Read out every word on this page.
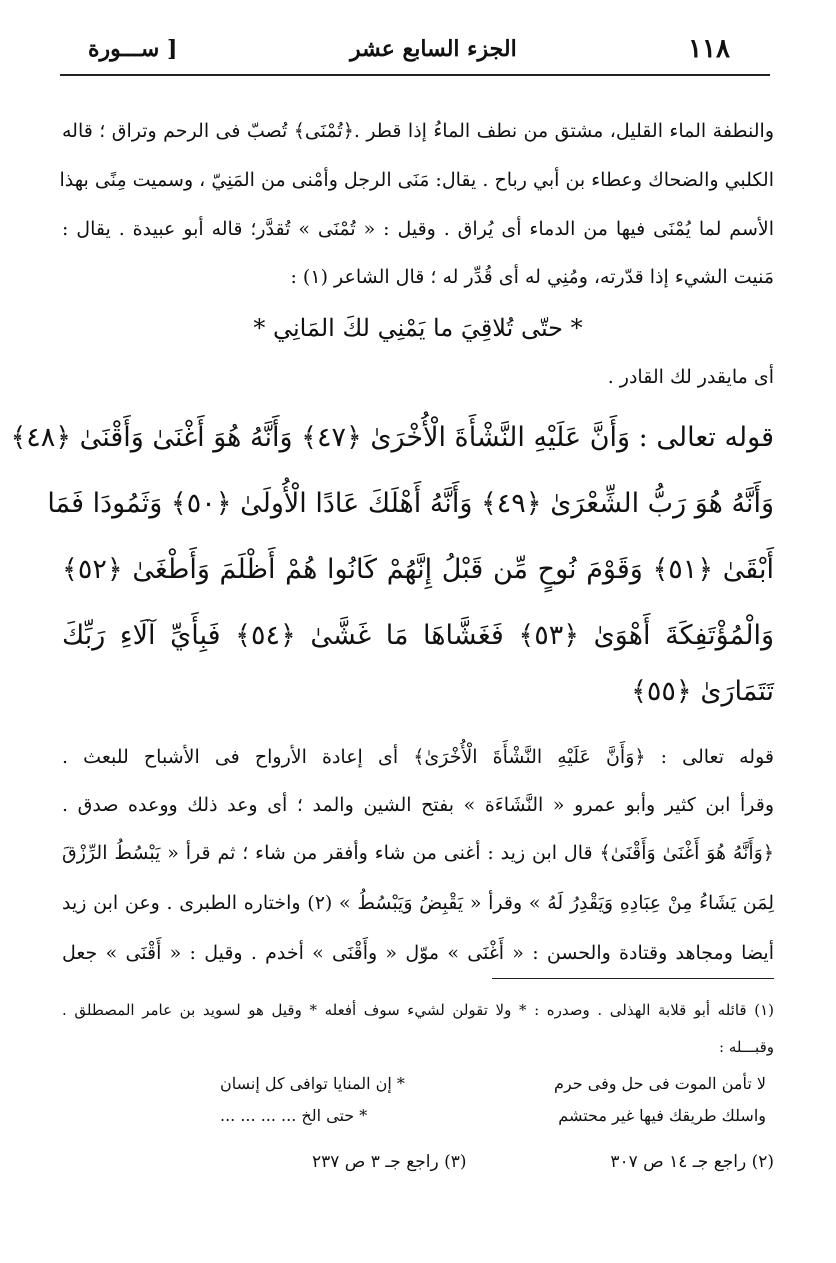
١١٨
الجزء السابع عشر
[ ســـورة
والنطفة الماء القليل، مشتق من نطف الماءُ إذا قطر .﴿تُمْنَى﴾ تُصبّ فى الرحم وتراق ؛ قاله
الكلبي والضحاك وعطاء بن أبي رباح . يقال: مَنَى الرجل وأمْنى من المَنِيّ ، وسميت مِنًى بهذا
الأسم لما يُمْنَى فيها من الدماء أى يُراق . وقيل : « تُمْنَى » تُقدَّر؛ قاله أبو عبيدة . يقال :
مَنيت الشيء إذا قدّرته، ومُنِي له أى قُدِّر له ؛ قال الشاعر (١) :
* حتّى تُلاقِيَ ما يَمْنِي لكَ المَانِي *
أى مايقدر لك القادر .
قوله تعالى : وَأَنَّ عَلَيْهِ النَّشْأَةَ الْأُخْرَىٰ ﴿٤٧﴾ وَأَنَّهُ هُوَ أَغْنَىٰ وَأَقْنَىٰ ﴿٤٨﴾
وَأَنَّهُ هُوَ رَبُّ الشِّعْرَىٰ ﴿٤٩﴾ وَأَنَّهُ أَهْلَكَ عَادًا الْأُولَىٰ ﴿٥٠﴾ وَثَمُودَا فَمَا
أَبْقَىٰ ﴿٥١﴾ وَقَوْمَ نُوحٍ مِّن قَبْلُ إِنَّهُمْ كَانُوا هُمْ أَظْلَمَ وَأَطْغَىٰ ﴿٥٢﴾
وَالْمُؤْتَفِكَةَ أَهْوَىٰ ﴿٥٣﴾ فَغَشَّاهَا مَا غَشَّىٰ ﴿٥٤﴾ فَبِأَيِّ آلَاءِ رَبِّكَ
تَتَمَارَىٰ ﴿٥٥﴾
قوله تعالى : ﴿وَأَنَّ عَلَيْهِ النَّشْأَةَ الْأُخْرَىٰ﴾ أى إعادة الأرواح فى الأشباح للبعث .
وقرأ ابن كثير وأبو عمرو « النَّشَاءَة » بفتح الشين والمد ؛ أى وعد ذلك ووعده صدق .
﴿وَأَنَّهُ هُوَ أَغْنَىٰ وَأَقْنَىٰ﴾ قال ابن زيد : أغنى من شاء وأفقر من شاء ؛ ثم قرأ « يَبْسُطُ الرِّزْقَ
لِمَن يَشَاءُ مِنْ عِبَادِهِ وَيَقْدِرُ لَهُ » وقرأ « يَقْبِضُ وَيَبْسُطُ » (٢) واختاره الطبرى . وعن ابن زيد
أيضا ومجاهد وقتادة والحسن : « أَغْنَى » موّل « وأَقْنَى » أخدم . وقيل : « أَقْنَى » جعل
(١) قائله أبو قلابة الهذلى . وصدره : * ولا تقولن لشيء سوف أفعله * وقيل هو لسويد بن عامر المصطلق .
وقبـــله :
لا تأمن الموت فى حل وفى حرم
* إن المنايا توافى كل إنسان
واسلك طريقك فيها غير محتشم
* حتى الخ ... ... ... ...
(٢) راجع جـ ١٤ ص ٣٠٧
(٣) راجع جـ ٣ ص ٢٣٧
